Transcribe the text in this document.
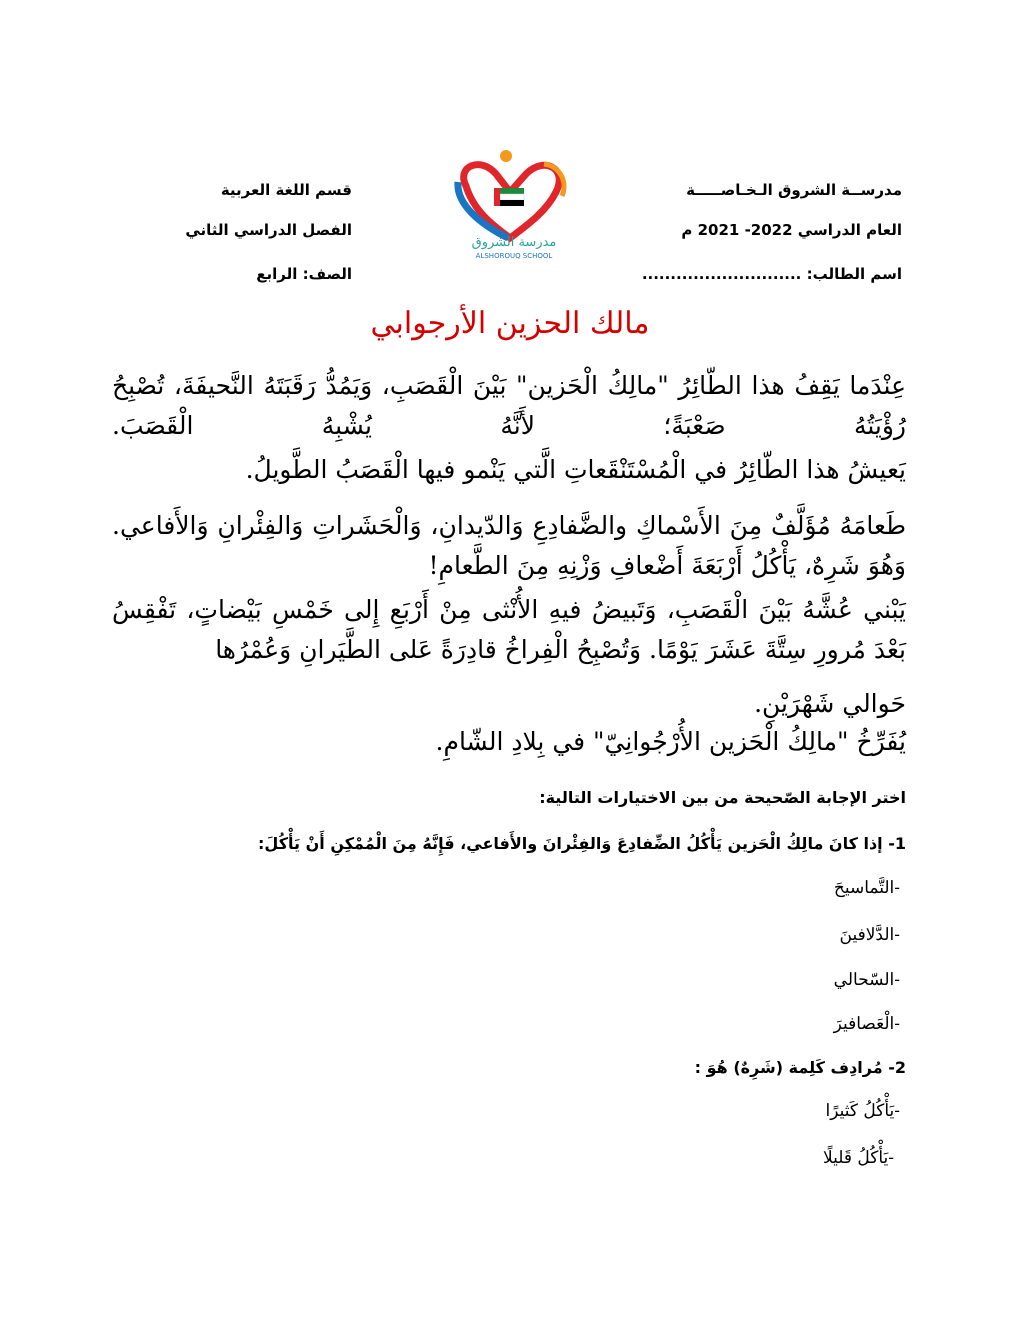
مدرســة الشروق الـخـاصـــــة
العام الدراسي 2022- 2021 م
اسم الطالب: ............................
قسم اللغة العربية
الفصل الدراسي الثاني
الصف: الرابع
مدرسة الشروق
ALSHOROUQ SCHOOL
مالك الحزين الأرجوابي
عِنْدَما يَقِفُ هذا الطّائِرُ "مالِكُ الْحَزين" بَيْنَ الْقَصَبِ، وَيَمُدُّ رَقَبَتَهُ النَّحيفَةَ، تُصْبِحُ رُؤْيَتُهُ صَعْبَةً؛ لأَنَّهُ يُشْبِهُ الْقَصَبَ.
يَعيشُ هذا الطّائِرُ في الْمُسْتَنْقَعاتِ الَّتي يَنْمو فيها الْقَصَبُ الطَّويلُ.
طَعامَهُ مُؤَلَّفٌ مِنَ الأَسْماكِ والضَّفادِعِ وَالدّيدانِ، وَالْحَشَراتِ وَالفِئْرانِ وَالأَفاعي. وَهُوَ شَرِهٌ، يَأْكُلُ أَرْبَعَةَ أَضْعافِ وَزْنِهِ مِنَ الطَّعامِ!
يَبْني عُشَّهُ بَيْنَ الْقَصَبِ، وَتَبيضُ فيهِ الأُنْثى مِنْ أَرْبَعِ إِلى خَمْسِ بَيْضاتٍ، تَفْقِسُ بَعْدَ مُرورِ سِتَّةَ عَشَرَ يَوْمًا. وَتُصْبِحُ الْفِراخُ قادِرَةً عَلى الطَّيَرانِ وَعُمْرُها
حَوالي شَهْرَيْنِ.
يُفَرِّخُ "مالِكُ الْحَزين الأُرْجُوانِيّ" في بِلادِ الشّامِ.
اختر الإجابة الصّحيحة من بين الاختيارات التالية:
1- إذا كانَ مالِكُ الْحَزين يَأْكُلُ الضِّفادِعَ وَالفِئْرانَ والأَفاعي، فَإِنَّهُ مِنَ الْمُمْكِنِ أَنْ يَأْكُلَ:
-التَّماسيحَ
-الدَّلافينَ
-السّحالي
-الْعَصافيرَ
2- مُرادِف كَلِمة (شَرِهٌ) هُوَ :
-يَأْكُلُ كَثيرًا
-يَأْكُلُ قَليلًا
